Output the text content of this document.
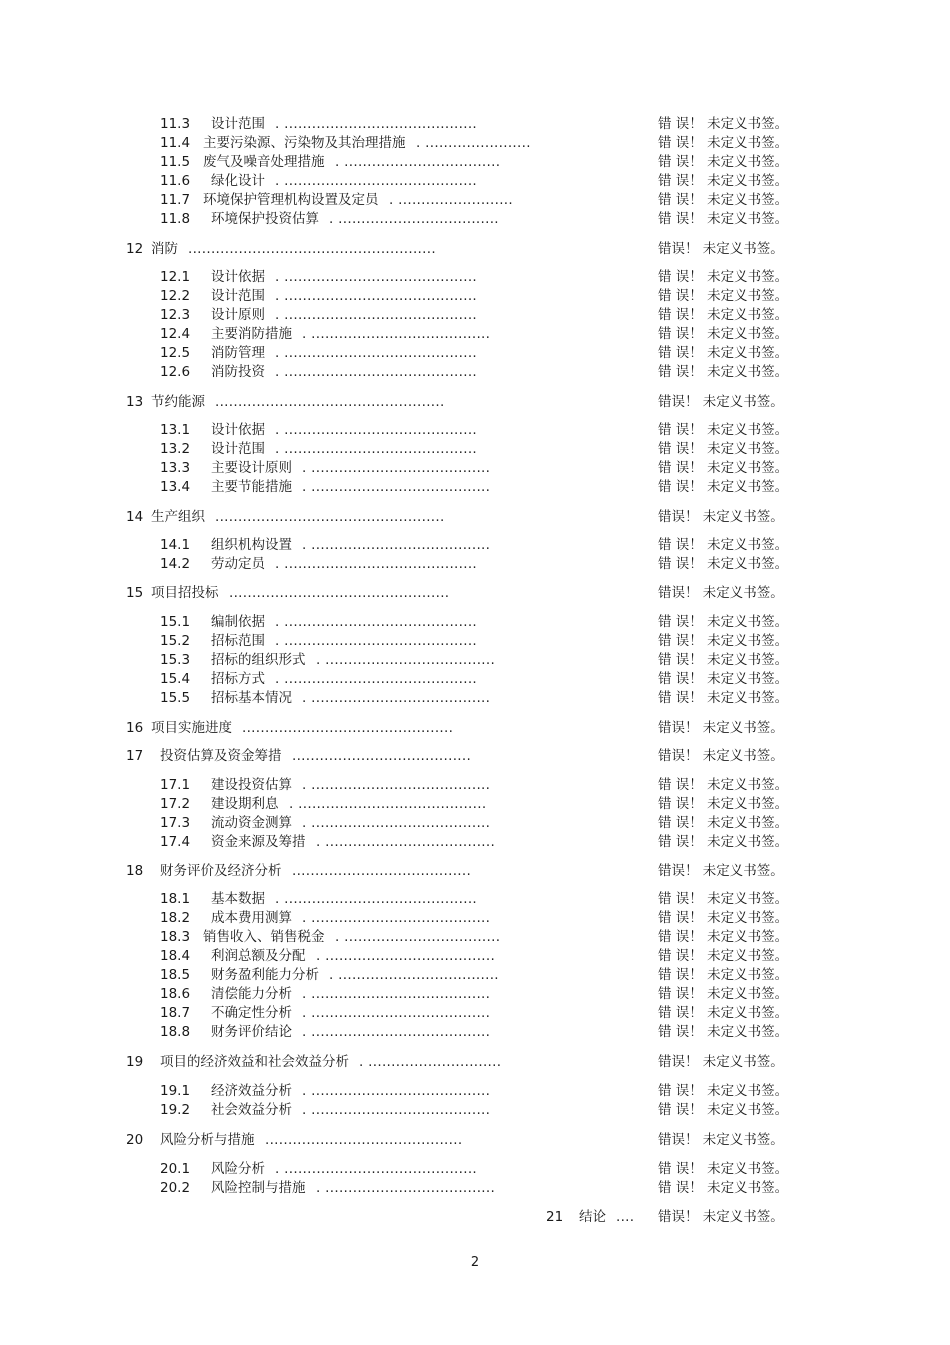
11.3 设计范围 . ..........................................	错 误！ 未定义书签。
11.4 主要污染源、污染物及其治理措施 . .......................	错 误！ 未定义书签。
11.5 废气及噪音处理措施 . ..................................	错 误！ 未定义书签。
11.6 绿化设计 . ..........................................	错 误！ 未定义书签。
11.7 环境保护管理机构设置及定员 . .........................	错 误！ 未定义书签。
11.8 环境保护投资估算 . ...................................	错 误！ 未定义书签。
12 消防 ......................................................	错误！ 未定义书签。
12.1 设计依据 . ..........................................	错 误！ 未定义书签。
12.2 设计范围 . ..........................................	错 误！ 未定义书签。
12.3 设计原则 . ..........................................	错 误！ 未定义书签。
12.4 主要消防措施 . .......................................	错 误！ 未定义书签。
12.5 消防管理 . ..........................................	错 误！ 未定义书签。
12.6 消防投资 . ..........................................	错 误！ 未定义书签。
13 节约能源 ..................................................	错误！ 未定义书签。
13.1 设计依据 . ..........................................	错 误！ 未定义书签。
13.2 设计范围 . ..........................................	错 误！ 未定义书签。
13.3 主要设计原则 . .......................................	错 误！ 未定义书签。
13.4 主要节能措施 . .......................................	错 误！ 未定义书签。
14 生产组织 ..................................................	错误！ 未定义书签。
14.1 组织机构设置 . .......................................	错 误！ 未定义书签。
14.2 劳动定员 . ..........................................	错 误！ 未定义书签。
15 项目招投标 ................................................	错误！ 未定义书签。
15.1 编制依据 . ..........................................	错 误！ 未定义书签。
15.2 招标范围 . ..........................................	错 误！ 未定义书签。
15.3 招标的组织形式 . .....................................	错 误！ 未定义书签。
15.4 招标方式 . ..........................................	错 误！ 未定义书签。
15.5 招标基本情况 . .......................................	错 误！ 未定义书签。
16 项目实施进度 ..............................................	错误！ 未定义书签。
17 投资估算及资金筹措 .......................................	错误！ 未定义书签。
17.1 建设投资估算 . .......................................	错 误！ 未定义书签。
17.2 建设期利息 . .........................................	错 误！ 未定义书签。
17.3 流动资金测算 . .......................................	错 误！ 未定义书签。
17.4 资金来源及筹措 . .....................................	错 误！ 未定义书签。
18 财务评价及经济分析 .......................................	错误！ 未定义书签。
18.1 基本数据 . ..........................................	错 误！ 未定义书签。
18.2 成本费用测算 . .......................................	错 误！ 未定义书签。
18.3 销售收入、销售税金 . ..................................	错 误！ 未定义书签。
18.4 利润总额及分配 . .....................................	错 误！ 未定义书签。
18.5 财务盈利能力分析 . ...................................	错 误！ 未定义书签。
18.6 清偿能力分析 . .......................................	错 误！ 未定义书签。
18.7 不确定性分析 . .......................................	错 误！ 未定义书签。
18.8 财务评价结论 . .......................................	错 误！ 未定义书签。
19 项目的经济效益和社会效益分析 . .............................	错误！ 未定义书签。
19.1 经济效益分析 . .......................................	错 误！ 未定义书签。
19.2 社会效益分析 . .......................................	错 误！ 未定义书签。
20 风险分析与措施 ...........................................	错误！ 未定义书签。
20.1 风险分析 . ..........................................	错 误！ 未定义书签。
20.2 风险控制与措施 . .....................................	错 误！ 未定义书签。
21 结论 .... 错误！ 未定义书签。
2
